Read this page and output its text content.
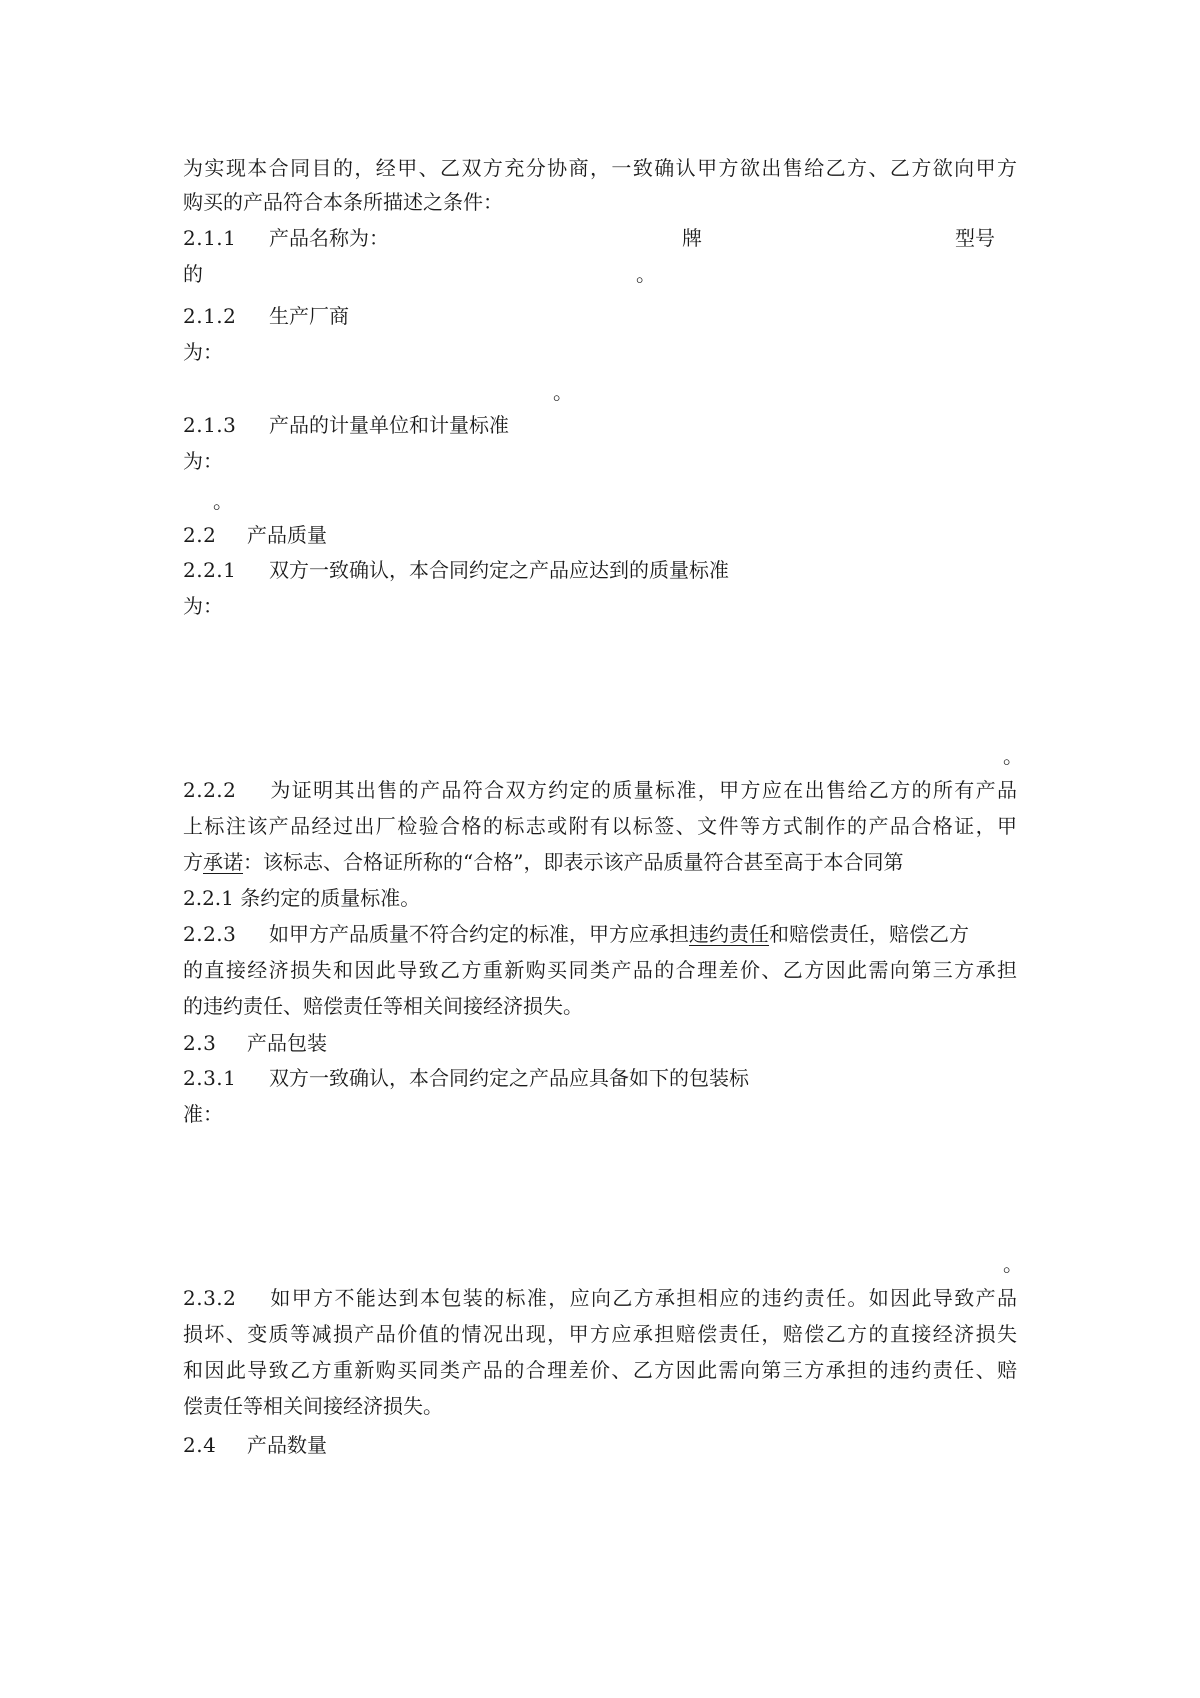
为实现本合同目的，经甲、乙双方充分协商，一致确认甲方欲出售给乙方、乙方欲向甲方
购买的产品符合本条所描述之条件：
2.1.1 产品名称为：	牌	型号
的	。
2.1.2 生产厂商
为：
。
2.1.3 产品的计量单位和计量标准
为：
。
2.2 产品质量
2.2.1 双方一致确认，本合同约定之产品应达到的质量标准
为：
。
2.2.2 为证明其出售的产品符合双方约定的质量标准，甲方应在出售给乙方的所有产品
上标注该产品经过出厂检验合格的标志或附有以标签、文件等方式制作的产品合格证，甲
方承诺：该标志、合格证所称的“合格”，即表示该产品质量符合甚至高于本合同第
2.2.1 条约定的质量标准。
2.2.3 如甲方产品质量不符合约定的标准，甲方应承担违约责任和赔偿责任，赔偿乙方
的直接经济损失和因此导致乙方重新购买同类产品的合理差价、乙方因此需向第三方承担
的违约责任、赔偿责任等相关间接经济损失。
2.3 产品包装
2.3.1 双方一致确认，本合同约定之产品应具备如下的包装标
准：
。
2.3.2 如甲方不能达到本包装的标准，应向乙方承担相应的违约责任。如因此导致产品
损坏、变质等减损产品价值的情况出现，甲方应承担赔偿责任，赔偿乙方的直接经济损失
和因此导致乙方重新购买同类产品的合理差价、乙方因此需向第三方承担的违约责任、赔
偿责任等相关间接经济损失。
2.4 产品数量
